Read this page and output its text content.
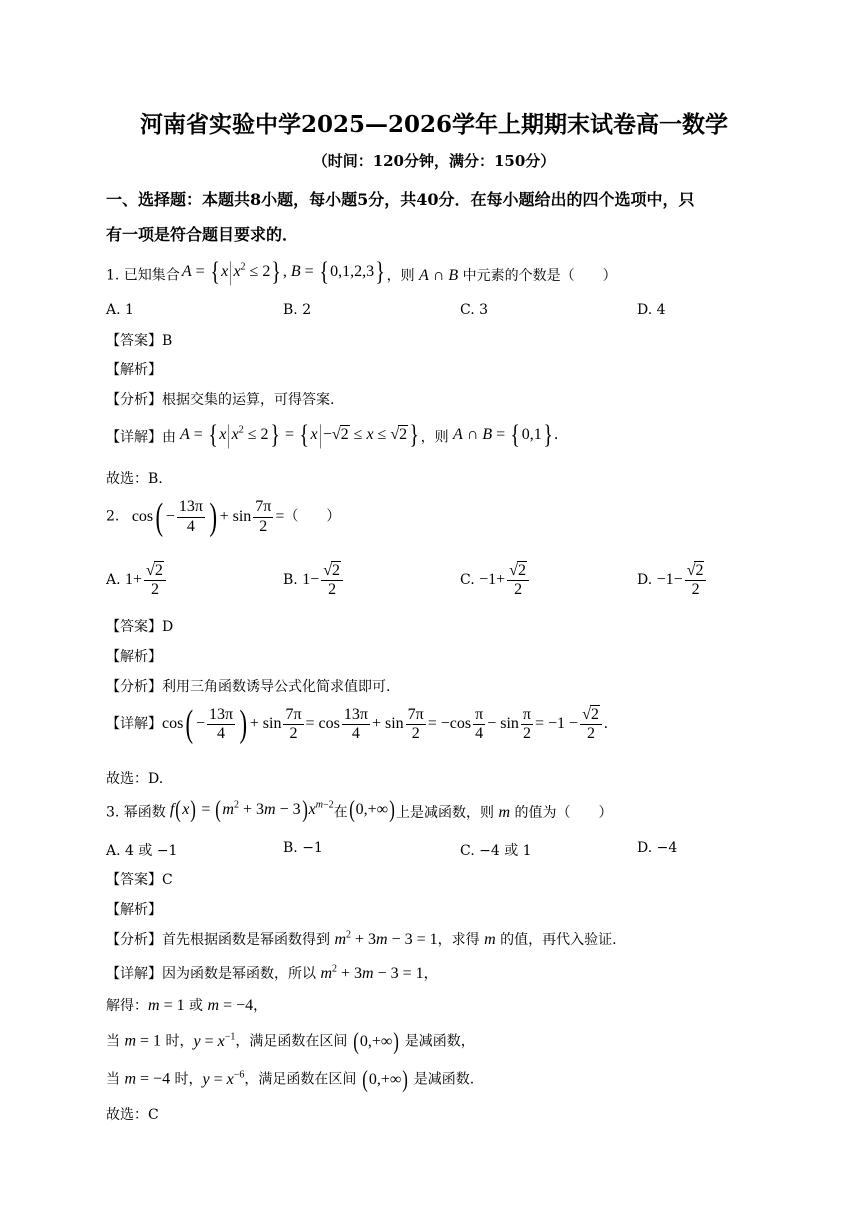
河南省实验中学2025—2026学年上期期末试卷高一数学
（时间：120分钟，满分：150分）
一、选择题：本题共8小题，每小题5分，共40分．在每小题给出的四个选项中，只
有一项是符合题目要求的．
1. 已知集合 $A = \{x|x^2 \le 2\}$, B = {0,1,2,3} ，则 A ∩ B 中元素的个数是（　　）
A. 1	B. 2	C. 3	D. 4
【答案】B
【解析】
【分析】根据交集的运算，可得答案.
【详解】由 $A = \{x|x^2 \le 2\} = \{x|-√2 \le x \le √2\}$ ，则 A ∩ B = {0,1}.
故选：B.
2. $\cos( - \frac{13\pi}{4}$ ) + $\sin \frac{7\pi}{2}$ =（　　）
A. $1+ \frac{√2}{2}$	B. $1- \frac{√2}{2}$	C. $-1+ \frac{√2}{2}$	D. $-1- \frac{√2}{2}$
【答案】D
【解析】
【分析】利用三角函数诱导公式化简求值即可.
【详解】$\cos( - \frac{13\pi}{4}$ ) + $\sin \frac{7\pi}{2} = \cos \frac{13\pi}{4} + \sin \frac{7\pi}{2} = -\cos \frac{\pi}{4} - \sin \frac{\pi}{2} = -1 - \frac{√2}{2}$ .
故选：D.
3. 幂函数 $f(x) = (m^2 + 3m - 3)x^{m-2}$在(0,+∞)上是减函数，则 m 的值为（　　）
A. 4 或 −1	B. −1	C. −4 或 1	D. −4
【答案】C
【解析】
【分析】首先根据函数是幂函数得到 $m^2 + 3m - 3 = 1$，求得 m 的值，再代入验证.
【详解】因为函数是幂函数，所以 $m^2 + 3m - 3 = 1$，
解得：m = 1 或 m = −4，
当 m = 1 时，$y = x^{-1}$，满足函数在区间 (0,+∞) 是减函数，
当 m = −4 时，$y = x^{-6}$，满足函数在区间 (0,+∞) 是减函数.
故选：C
